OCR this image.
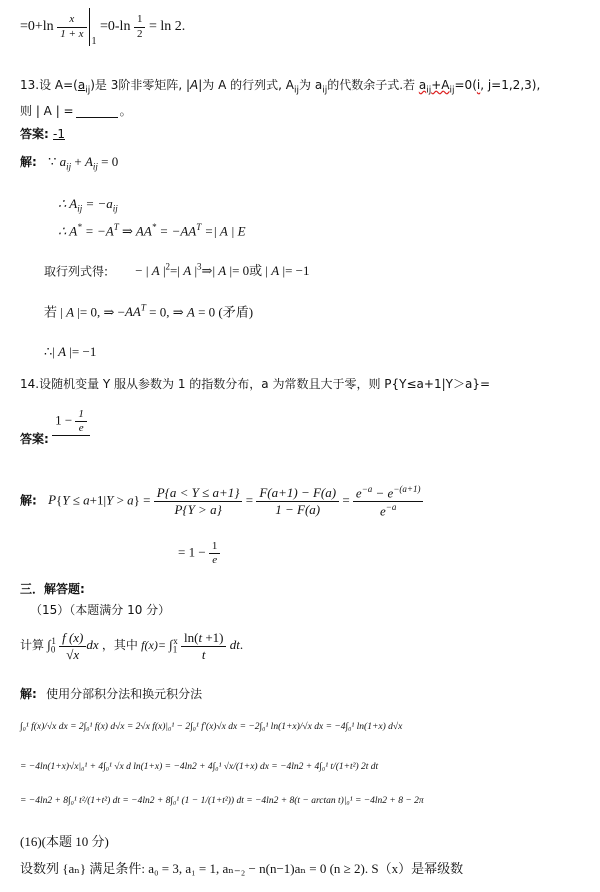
$=0+\ln \frac{x}{1 + x}$
$_1 =0-\ln \frac{1}{2} = \ln 2$.
13.设 $A=(a_{ij})$是 3阶非零矩阵, |A|为 A 的行列式, $A_{ij}$为 $a_{ij}$的代数余子式.若 $a_{ij}+A_{ij}=0(i$, j=1,2,3),
则 | A | =	。
答案: -1
解: ∵ $a_{ij} + A_{ij} = 0$
∴ $A_{ij} = -a_{ij}$
∴ $A^* = -A^T$ ⇒ $AA^* = -AA^T$ =| A | E
取行列式得: − | A $|^2=|$ A $|^3\Rightarrow|$ A |= 0或 | A |= −1
若 | A |= 0, ⇒ $-AA^T = 0$, ⇒ A = 0 (矛盾)
∴| A |= −1
14.设随机变量 Y 服从参数为 1 的指数分布，a 为常数且大于零，则 P{Y≤a+1|Y＞a}=
答案:
$1 - \frac{1}{e}$
解: $P\{Y \le a+1|Y > a\} = \frac{P\{a < Y \le a+1\}}{P\{Y > a\}} = \frac{F(a+1) - F(a)}{1 - F(a)} = \frac{e^{-a} - e^{-(a+1)}}{e^{-a}}$
= $1 - \frac{1}{e}$
三．解答题:
（15）（本题满分 10 分）
计算 $\int_0^1 \frac{f (x)}{√x}$ dx ，其中 $f(x)= \int_1^x \frac{\ln(t +1)}{t}$ dt.
解: 使用分部积分法和换元积分法
∫₀¹ f(x)/√x dx = 2∫₀¹ f(x) d√x = 2√x f(x)|₀¹ − 2∫₀¹ f′(x)√x dx = −2∫₀¹ ln(1+x)/√x dx = −4∫₀¹ ln(1+x) d√x
= −4ln(1+x)√x|₀¹ + 4∫₀¹ √x d ln(1+x) = −4ln2 + 4∫₀¹ √x/(1+x) dx = −4ln2 + 4∫₀¹ t/(1+t²) 2t dt
= −4ln2 + 8∫₀¹ t²/(1+t²) dt = −4ln2 + 8∫₀¹ (1 − 1/(1+t²)) dt = −4ln2 + 8(t − arctan t)|₀¹ = −4ln2 + 8 − 2π
(16)(本题 10 分)
设数列 {aₙ} 满足条件: a₀ = 3, a₁ = 1, aₙ₋₂ − n(n−1)aₙ = 0 (n ≥ 2). S（x）是幂级数
